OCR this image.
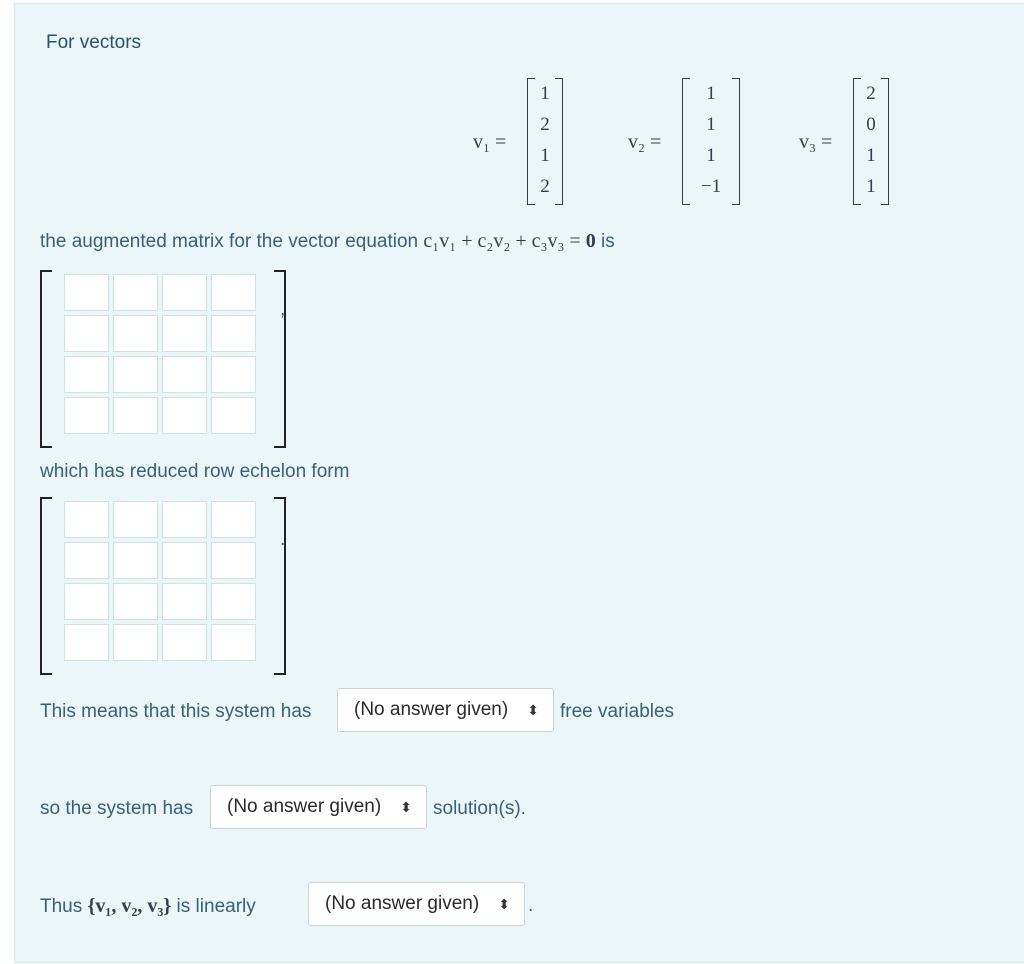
For vectors
v₁ =
1
2
1
2
v₂ =
1
1
1
−1
v₃ =
2
0
1
1
the augmented matrix for the vector equation c₁v₁ + c₂v₂ + c₃v₃ = 0 is
,
which has reduced row echelon form
.
This means that this system has	(No answer given) ⬍ free variables
so the system has	(No answer given) ⬍ solution(s).
Thus {v₁, v₂, v₃} is linearly	(No answer given) ⬍ .
